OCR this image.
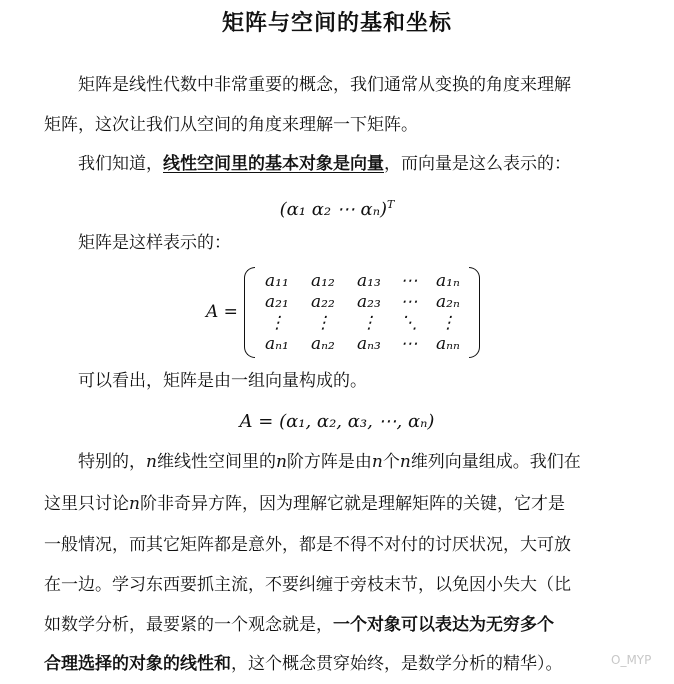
矩阵与空间的基和坐标
矩阵是线性代数中非常重要的概念，我们通常从变换的角度来理解
矩阵，这次让我们从空间的角度来理解一下矩阵。
我们知道，线性空间里的基本对象是向量，而向量是这么表示的：
(α₁ α₂ ⋯ αₙ)$^T$
矩阵是这样表示的：
A =
a₁₁	a₁₂	a₁₃	⋯	a₁ₙ
a₂₁	a₂₂	a₂₃	⋯	a₂ₙ
⋮	⋮	⋮	⋱	⋮
aₙ₁	aₙ₂	aₙ₃	⋯	aₙₙ
可以看出，矩阵是由一组向量构成的。
A = (α₁, α₂, α₃, ⋯, αₙ)
特别的，n维线性空间里的n阶方阵是由n个n维列向量组成。我们在
这里只讨论n阶非奇异方阵，因为理解它就是理解矩阵的关键，它才是
一般情况，而其它矩阵都是意外，都是不得不对付的讨厌状况，大可放
在一边。学习东西要抓主流，不要纠缠于旁枝末节，以免因小失大（比
如数学分析，最要紧的一个观念就是，一个对象可以表达为无穷多个
合理选择的对象的线性和，这个概念贯穿始终，是数学分析的精华）。	O_MYP
